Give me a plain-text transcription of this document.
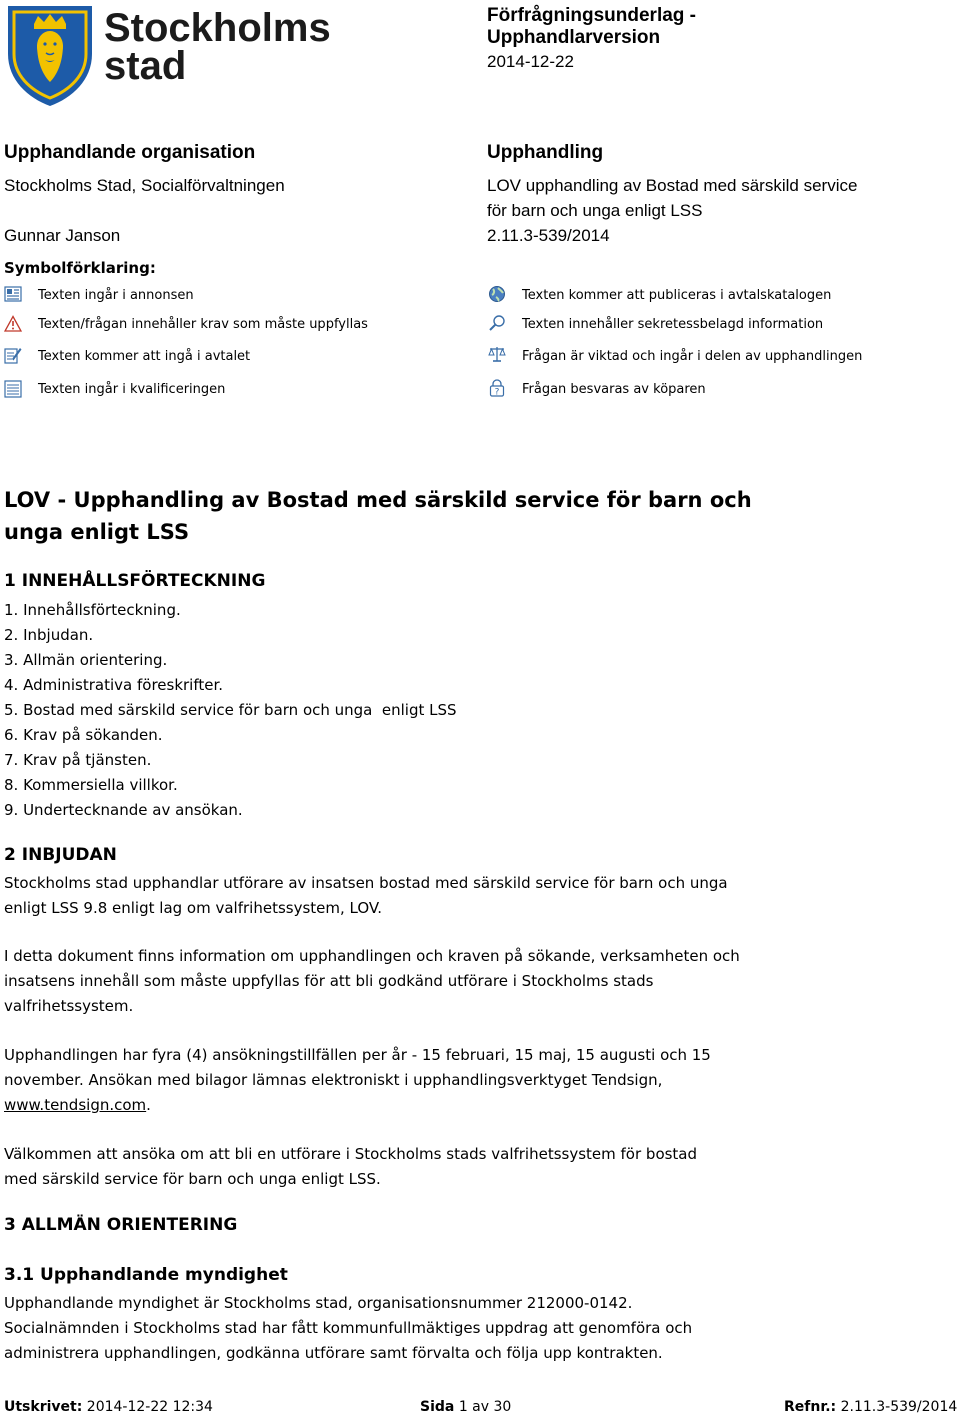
Stockholms
stad
Förfrågningsunderlag -
Upphandlarversion
2014-12-22
Upphandlande organisation
Stockholms Stad, Socialförvaltningen
Gunnar Janson
Upphandling
LOV upphandling av Bostad med särskild service
för barn och unga enligt LSS
2.11.3-539/2014
Symbolförklaring:
Texten ingår i annonsen	Texten kommer att publiceras i avtalskatalogen
Texten/frågan innehåller krav som måste uppfyllas	Texten innehåller sekretessbelagd information
Texten kommer att ingå i avtalet	Frågan är viktad och ingår i delen av upphandlingen
Texten ingår i kvalificeringen	? Frågan besvaras av köparen
LOV - Upphandling av Bostad med särskild service för barn och unga enligt LSS
1 INNEHÅLLSFÖRTECKNING
1. Innehållsförteckning.
2. Inbjudan.
3. Allmän orientering.
4. Administrativa föreskrifter.
5. Bostad med särskild service för barn och unga  enligt LSS
6. Krav på sökanden.
7. Krav på tjänsten.
8. Kommersiella villkor.
9. Undertecknande av ansökan.
2 INBJUDAN
Stockholms stad upphandlar utförare av insatsen bostad med särskild service för barn och unga enligt LSS 9.8 enligt lag om valfrihetssystem, LOV.
I detta dokument finns information om upphandlingen och kraven på sökande, verksamheten och insatsens innehåll som måste uppfyllas för att bli godkänd utförare i Stockholms stads valfrihetssystem.
Upphandlingen har fyra (4) ansökningstillfällen per år - 15 februari, 15 maj, 15 augusti och 15 november. Ansökan med bilagor lämnas elektroniskt i upphandlingsverktyget Tendsign, www.tendsign.com.
Välkommen att ansöka om att bli en utförare i Stockholms stads valfrihetssystem för bostad med särskild service för barn och unga enligt LSS.
3 ALLMÄN ORIENTERING
3.1 Upphandlande myndighet
Upphandlande myndighet är Stockholms stad, organisationsnummer 212000-0142.
Socialnämnden i Stockholms stad har fått kommunfullmäktiges uppdrag att genomföra och administrera upphandlingen, godkänna utförare samt förvalta och följa upp kontrakten.
Utskrivet: 2014-12-22 12:34	Sida 1 av 30	Refnr.: 2.11.3-539/2014
